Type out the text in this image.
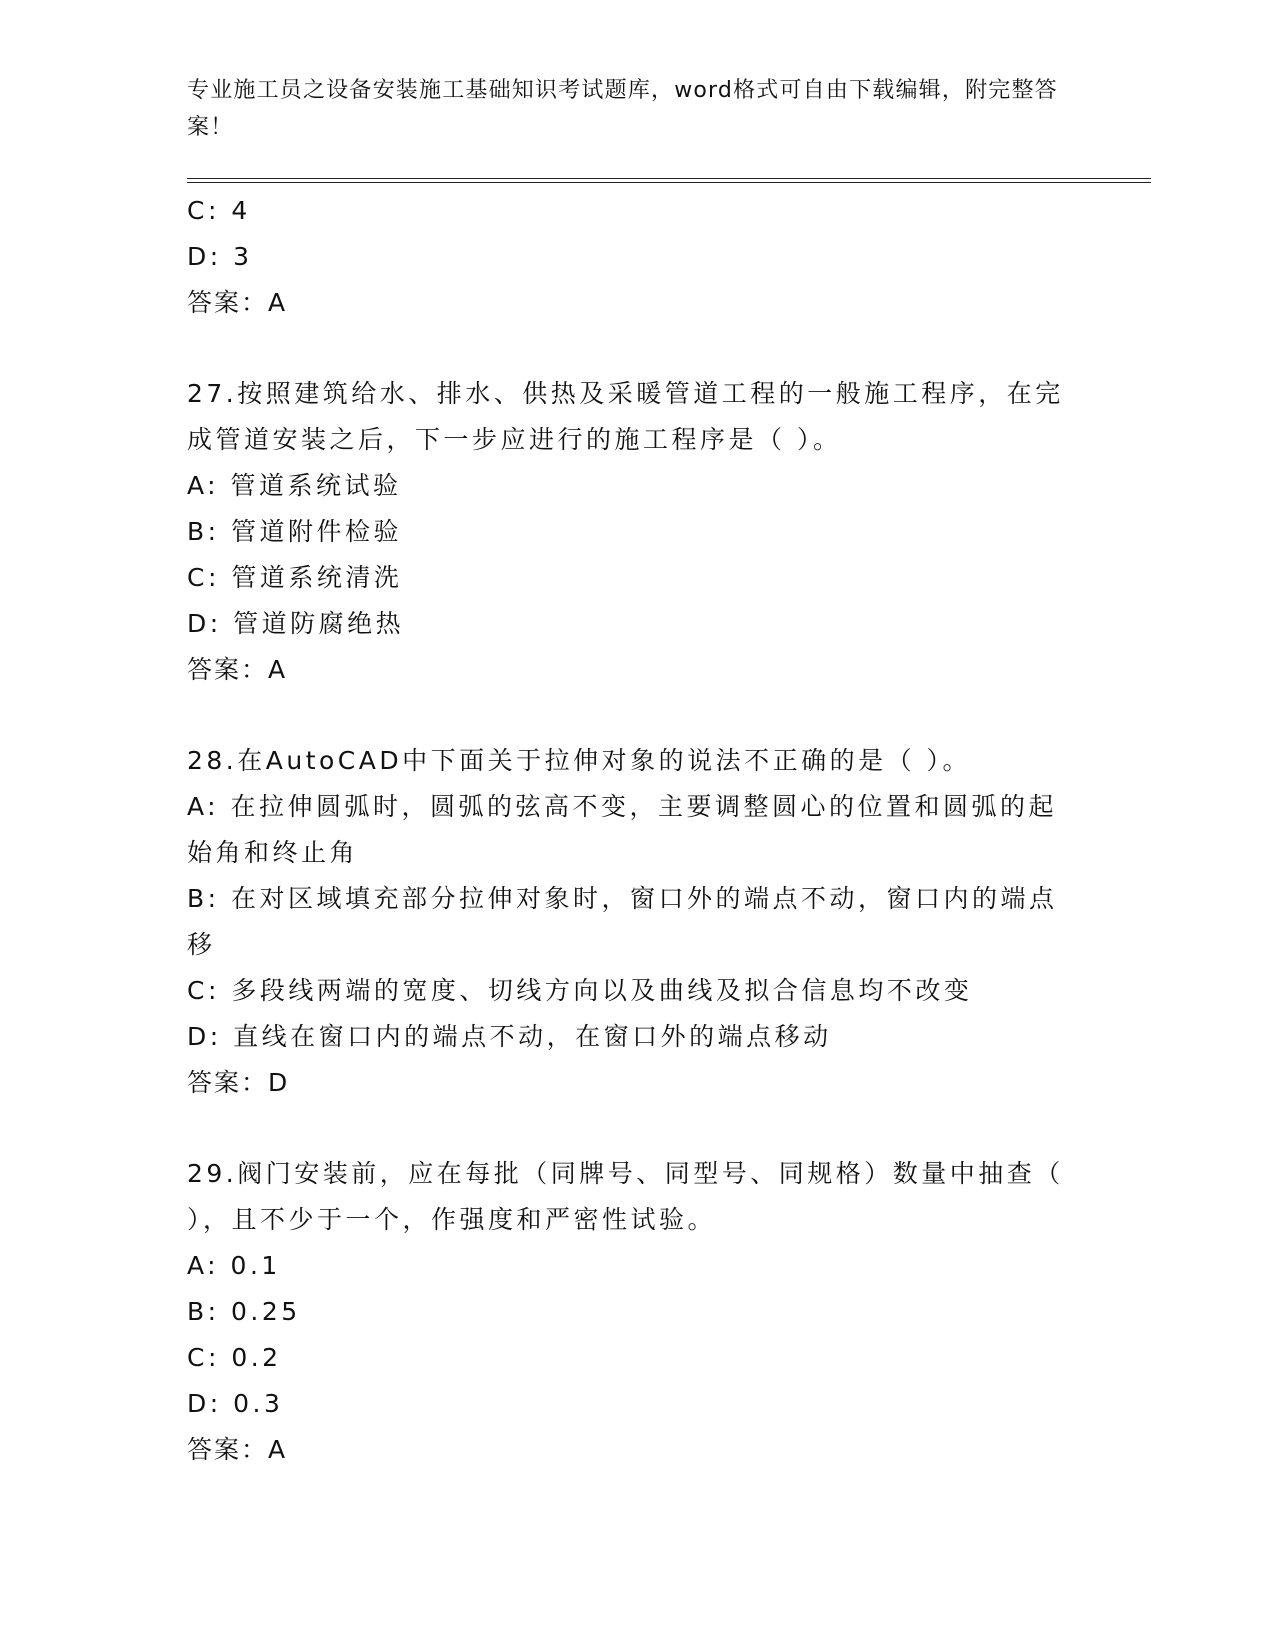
专业施工员之设备安装施工基础知识考试题库，word格式可自由下载编辑，附完整答案！
C: 4
D: 3
答案：A
27.按照建筑给水、排水、供热及采暖管道工程的一般施工程序，在完
成管道安装之后，下一步应进行的施工程序是（ ）。
A: 管道系统试验
B: 管道附件检验
C: 管道系统清洗
D: 管道防腐绝热
答案：A
28.在AutoCAD中下面关于拉伸对象的说法不正确的是（ ）。
A: 在拉伸圆弧时，圆弧的弦高不变，主要调整圆心的位置和圆弧的起
始角和终止角
B: 在对区域填充部分拉伸对象时，窗口外的端点不动，窗口内的端点
移
C: 多段线两端的宽度、切线方向以及曲线及拟合信息均不改变
D: 直线在窗口内的端点不动，在窗口外的端点移动
答案：D
29.阀门安装前，应在每批（同牌号、同型号、同规格）数量中抽查（
），且不少于一个，作强度和严密性试验。
A: 0.1
B: 0.25
C: 0.2
D: 0.3
答案：A
